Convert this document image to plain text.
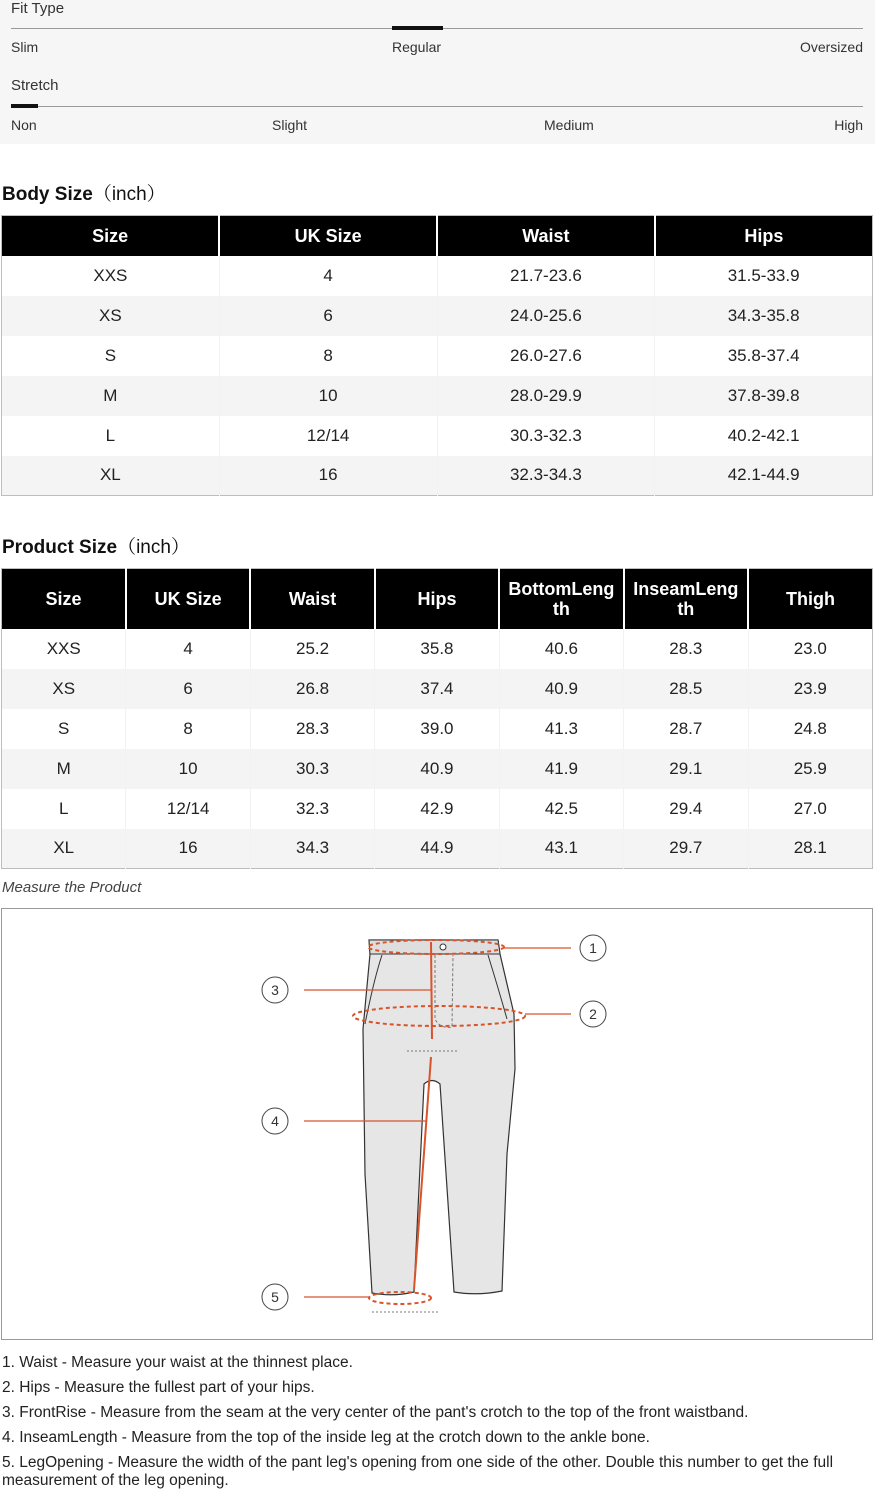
Fit Type
Slim	Regular	Oversized
Stretch
Non	Slight	Medium	High
Body Size（inch）
Size	UK Size	Waist	Hips
XXS	4	21.7-23.6	31.5-33.9
XS	6	24.0-25.6	34.3-35.8
S	8	26.0-27.6	35.8-37.4
M	10	28.0-29.9	37.8-39.8
L	12/14	30.3-32.3	40.2-42.1
XL	16	32.3-34.3	42.1-44.9
Product Size（inch）
Size	UK Size	Waist	Hips	BottomLength	InseamLength	Thigh
XXS	4	25.2	35.8	40.6	28.3	23.0
XS	6	26.8	37.4	40.9	28.5	23.9
S	8	28.3	39.0	41.3	28.7	24.8
M	10	30.3	40.9	41.9	29.1	25.9
L	12/14	32.3	42.9	42.5	29.4	27.0
XL	16	34.3	44.9	43.1	29.7	28.1
Measure the Product
1
2
3
4
5

1. Waist - Measure your waist at the thinnest place.

2. Hips - Measure the fullest part of your hips.

3. FrontRise - Measure from the seam at the very center of the pant's crotch to the top of the front waistband.

4. InseamLength - Measure from the top of the inside leg at the crotch down to the ankle bone.

5. LegOpening - Measure the width of the pant leg's opening from one side of the other. Double this number to get the full measurement of the leg opening.
